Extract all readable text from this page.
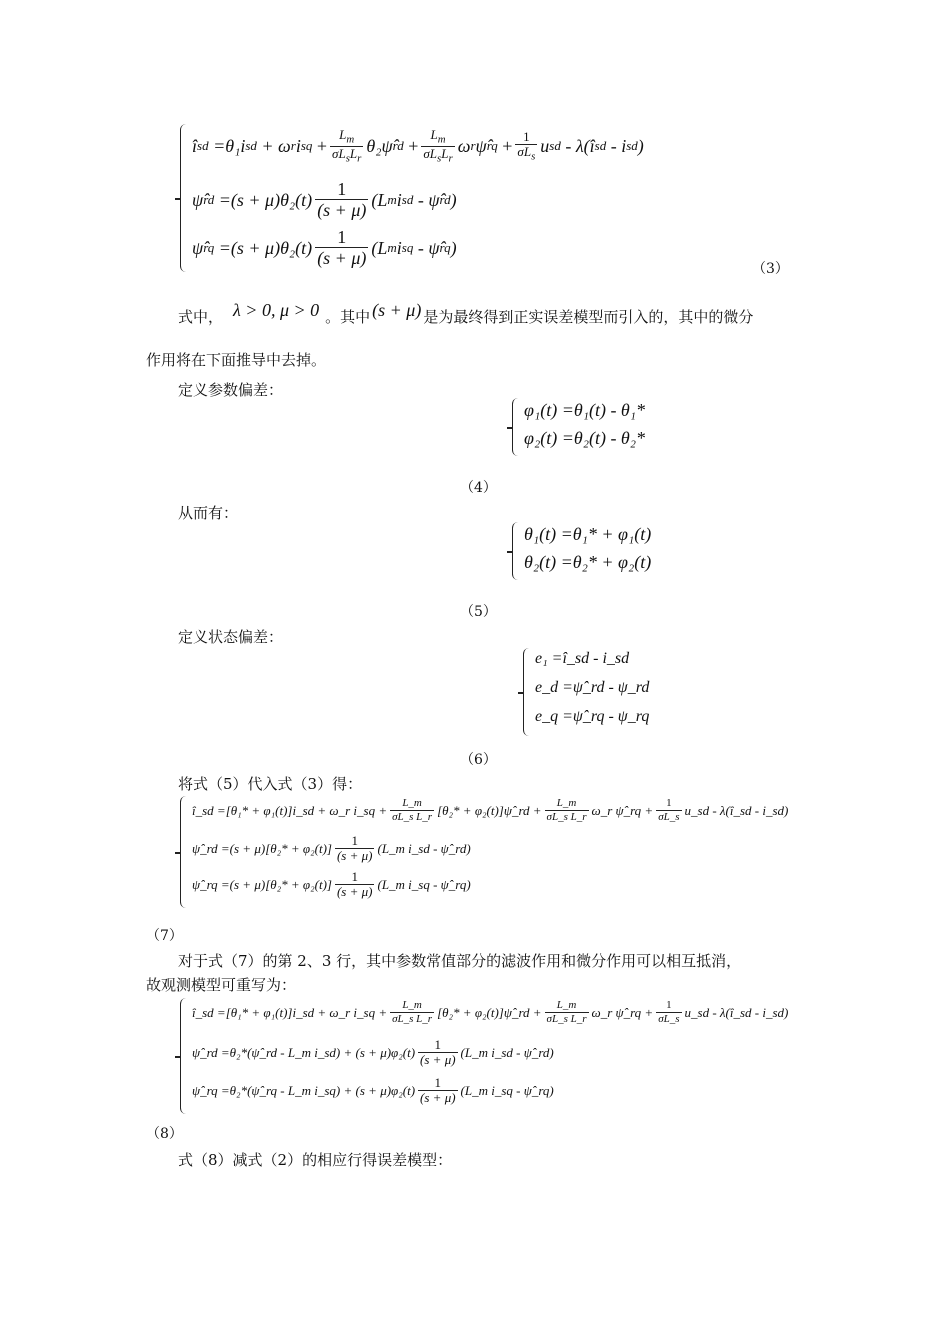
î sd
=θ₁i sd
+ ω r i sq
+ $\frac{L_m}{\sigma L_sL_r}$ θ₂ψ̂ rd
+ $\frac{L_m}{\sigma L_sL_r}$ ω r ψ̂ rq
+ $\frac{1}{\sigma L_s}$ u sd
- λ(î sd
- i sd )
ψ̂ rd
$=(s + \mu)\theta_2(t) \frac{1}{(s + \mu)} (L$ m i sd
- ψ̂ rd )
ψ̂ rq
$=(s + \mu)\theta_2(t) \frac{1}{(s + \mu)} (L$ m i sq
- ψ̂ rq )
（3）
式中， λ > 0, μ > 0 。其中 (s + μ) 是为最终得到正实误差模型而引入的，其中的微分
作用将在下面推导中去掉。
定义参数偏差：
φ₁(t) =θ₁(t) - θ₁*
φ₂(t) =θ₂(t) - θ₂*
（4）
从而有：
θ₁(t) =θ₁* + φ₁(t)
θ₂(t) =θ₂* + φ₂(t)
（5）
定义状态偏差：
e₁ =î_sd - i_sd
e_d =ψ̂_rd - ψ_rd
e_q =ψ̂_rq - ψ_rq
（6）
将式（5）代入式（3）得：
î_sd =[θ₁* + φ₁(t)]i_sd + ω_r i_sq + $\frac{L\_m}{\text{σL\_s L\_r}} [\theta_2*$ + φ₂(t)]ψ̂_rd + $\frac{L\_m}{\text{σL\_s L\_r}}$ ω_r ψ̂_rq + $\frac{1}{\sigma L\_s}$ u_sd - λ(î_sd - i_sd)
ψ̂_rd $=(s + \mu)[\theta_2* + \varphi_2(t)] \frac{1}{(s + \mu)}$ (L_m i_sd - ψ̂_rd)
ψ̂_rq $=(s + \mu)[\theta_2* + \varphi_2(t)] \frac{1}{(s + \mu)}$ (L_m i_sq - ψ̂_rq)
（7）
对于式（7）的第 2、3 行，其中参数常值部分的滤波作用和微分作用可以相互抵消，
故观测模型可重写为：
î_sd =[θ₁* + φ₁(t)]i_sd + ω_r i_sq + $\frac{L\_m}{\text{σL\_s L\_r}} [\theta_2*$ + φ₂(t)]ψ̂_rd + $\frac{L\_m}{\text{σL\_s L\_r}}$ ω_r ψ̂_rq + $\frac{1}{\sigma L\_s}$ u_sd - λ(î_sd - i_sd)
ψ̂_rd =θ₂*(ψ̂_rd - L_m i_sd) + $(s + \mu)\varphi_2(t) \frac{1}{(s + \mu)}$ (L_m i_sd - ψ̂_rd)
ψ̂_rq =θ₂*(ψ̂_rq - L_m i_sq) + $(s + \mu)\varphi_2(t) \frac{1}{(s + \mu)}$ (L_m i_sq - ψ̂_rq)
（8）
式（8）减式（2）的相应行得误差模型：
